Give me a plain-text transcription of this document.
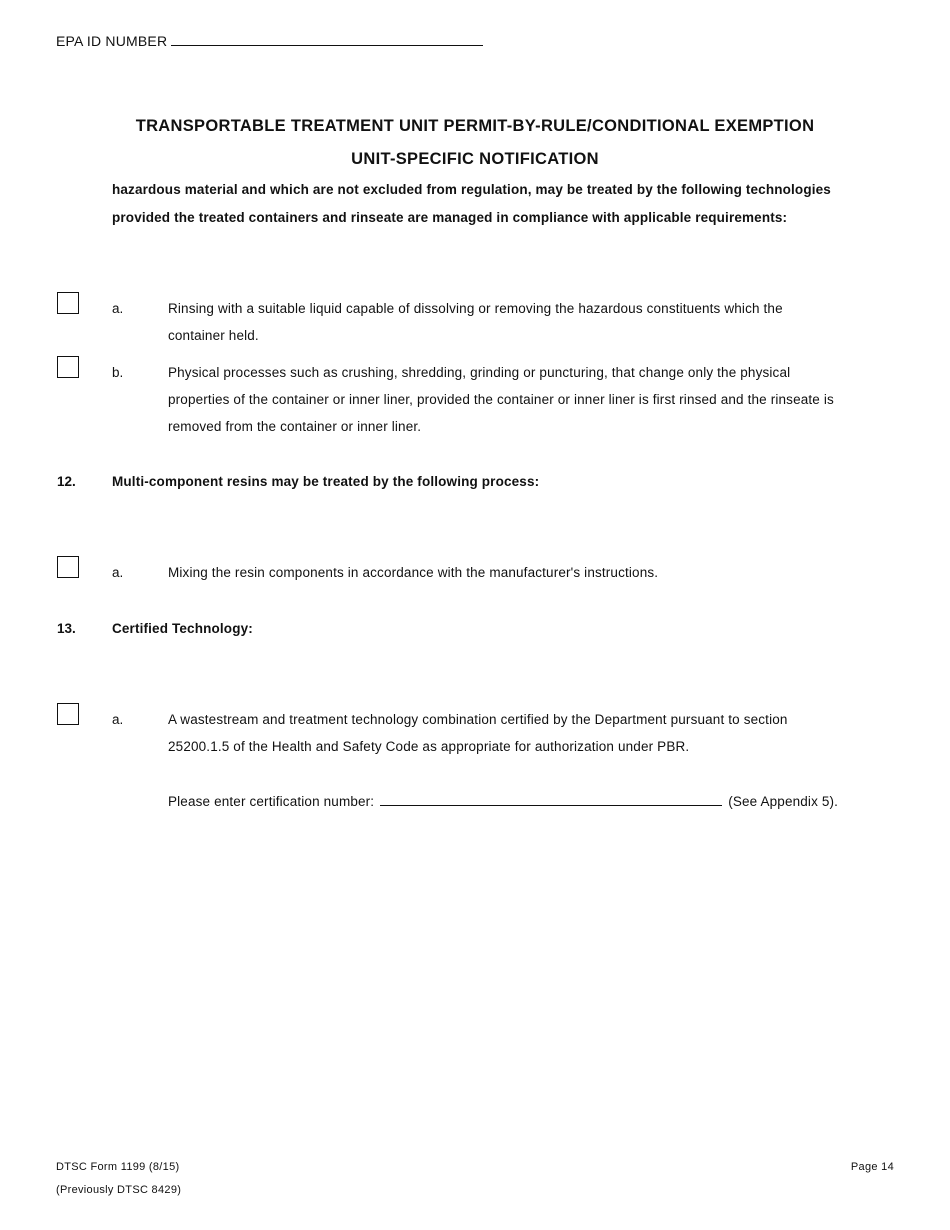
EPA ID NUMBER
TRANSPORTABLE TREATMENT UNIT PERMIT-BY-RULE/CONDITIONAL EXEMPTION
UNIT-SPECIFIC NOTIFICATION
hazardous material and which are not excluded from regulation, may be treated by the following technologies
provided the treated containers and rinseate are managed in compliance with applicable requirements:
a.	Rinsing with a suitable liquid capable of dissolving or removing the hazardous constituents which the
container held.
b.	Physical processes such as crushing, shredding, grinding or puncturing, that change only the physical
properties of the container or inner liner, provided the container or inner liner is first rinsed and the rinseate is
removed from the container or inner liner.
12.	Multi-component resins may be treated by the following process:
a.	Mixing the resin components in accordance with the manufacturer's instructions.
13.	Certified Technology:
a.	A wastestream and treatment technology combination certified by the Department pursuant to section
25200.1.5 of the Health and Safety Code as appropriate for authorization under PBR.
Please enter certification number:	(See Appendix 5).
DTSC Form 1199 (8/15)
(Previously DTSC 8429)
Page 14
